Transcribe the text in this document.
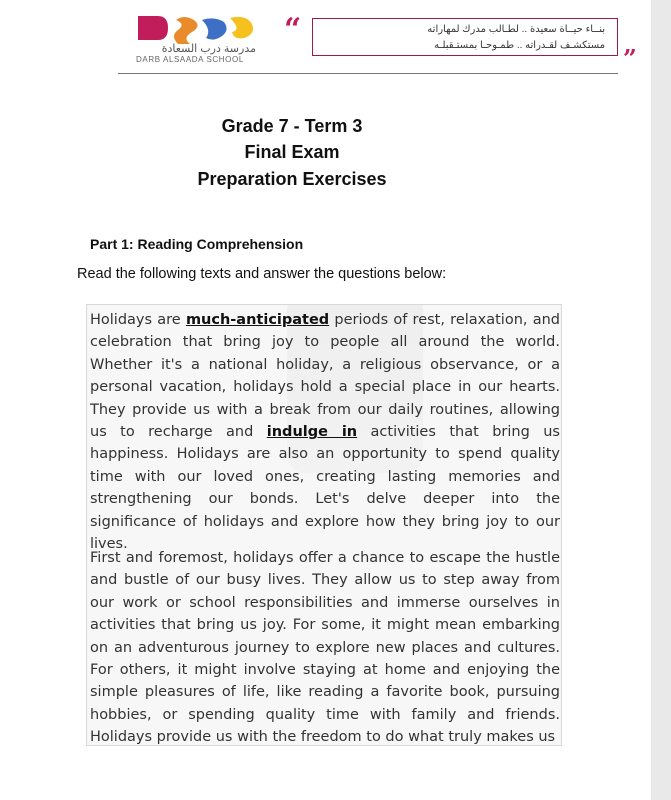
مدرسة درب السعادة
DARB ALSAADA SCHOOL
“	بنــاء حيــاة سعيدة .. لطـالب مدرك لمهاراته
مستكشـف لقـدراته .. طمـوحـا بمستـقبلـه ”
Grade 7 - Term 3
Final Exam
Preparation Exercises
Part 1: Reading Comprehension
Read the following texts and answer the questions below:

Holidays are much-anticipated periods of rest, relaxation, and celebration that bring joy to people all around the world. Whether it's a national holiday, a religious observance, or a personal vacation, holidays hold a special place in our hearts. They provide us with a break from our daily routines, allowing us to recharge and indulge in activities that bring us happiness. Holidays are also an opportunity to spend quality time with our loved ones, creating lasting memories and strengthening our bonds. Let's delve deeper into the significance of holidays and explore how they bring joy to our lives.

First and foremost, holidays offer a chance to escape the hustle and bustle of our busy lives. They allow us to step away from our work or school responsibilities and immerse ourselves in activities that bring us joy. For some, it might mean embarking on an adventurous journey to explore new places and cultures. For others, it might involve staying at home and enjoying the simple pleasures of life, like reading a favorite book, pursuing hobbies, or spending quality time with family and friends. Holidays provide us with the freedom to do what truly makes us
